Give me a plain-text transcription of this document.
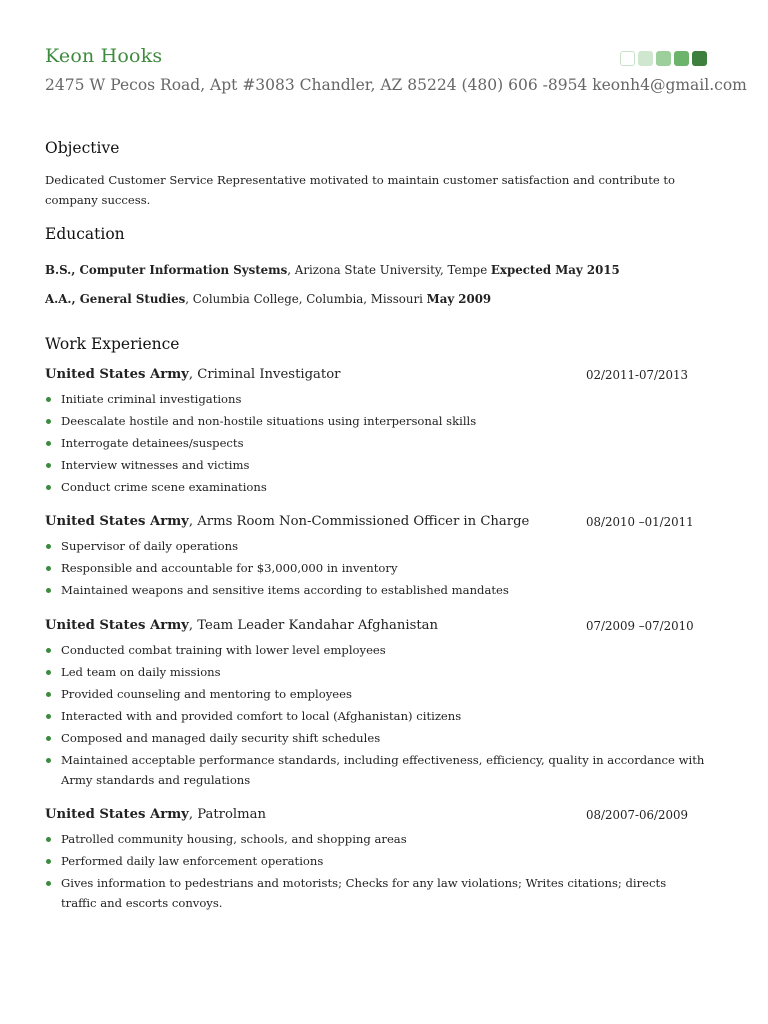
Keon Hooks
2475 W Pecos Road, Apt #3083 Chandler, AZ 85224 (480) 606 -8954 keonh4@gmail.com
Objective
Dedicated Customer Service Representative motivated to maintain customer satisfaction and contribute to company success.
Education
B.S., Computer Information Systems, Arizona State University, Tempe Expected May 2015
A.A., General Studies, Columbia College, Columbia, Missouri May 2009
Work Experience
United States Army, Criminal Investigator	02/2011-07/2013
Initiate criminal investigations
Deescalate hostile and non-hostile situations using interpersonal skills
Interrogate detainees/suspects
Interview witnesses and victims
Conduct crime scene examinations
United States Army, Arms Room Non-Commissioned Officer in Charge	08/2010 –01/2011
Supervisor of daily operations
Responsible and accountable for $3,000,000 in inventory
Maintained weapons and sensitive items according to established mandates
United States Army, Team Leader Kandahar Afghanistan	07/2009 –07/2010
Conducted combat training with lower level employees
Led team on daily missions
Provided counseling and mentoring to employees
Interacted with and provided comfort to local (Afghanistan) citizens
Composed and managed daily security shift schedules
Maintained acceptable performance standards, including effectiveness, efficiency, quality in accordance with Army standards and regulations
United States Army, Patrolman	08/2007-06/2009
Patrolled community housing, schools, and shopping areas
Performed daily law enforcement operations
Gives information to pedestrians and motorists; Checks for any law violations; Writes citations; directs traffic and escorts convoys.
